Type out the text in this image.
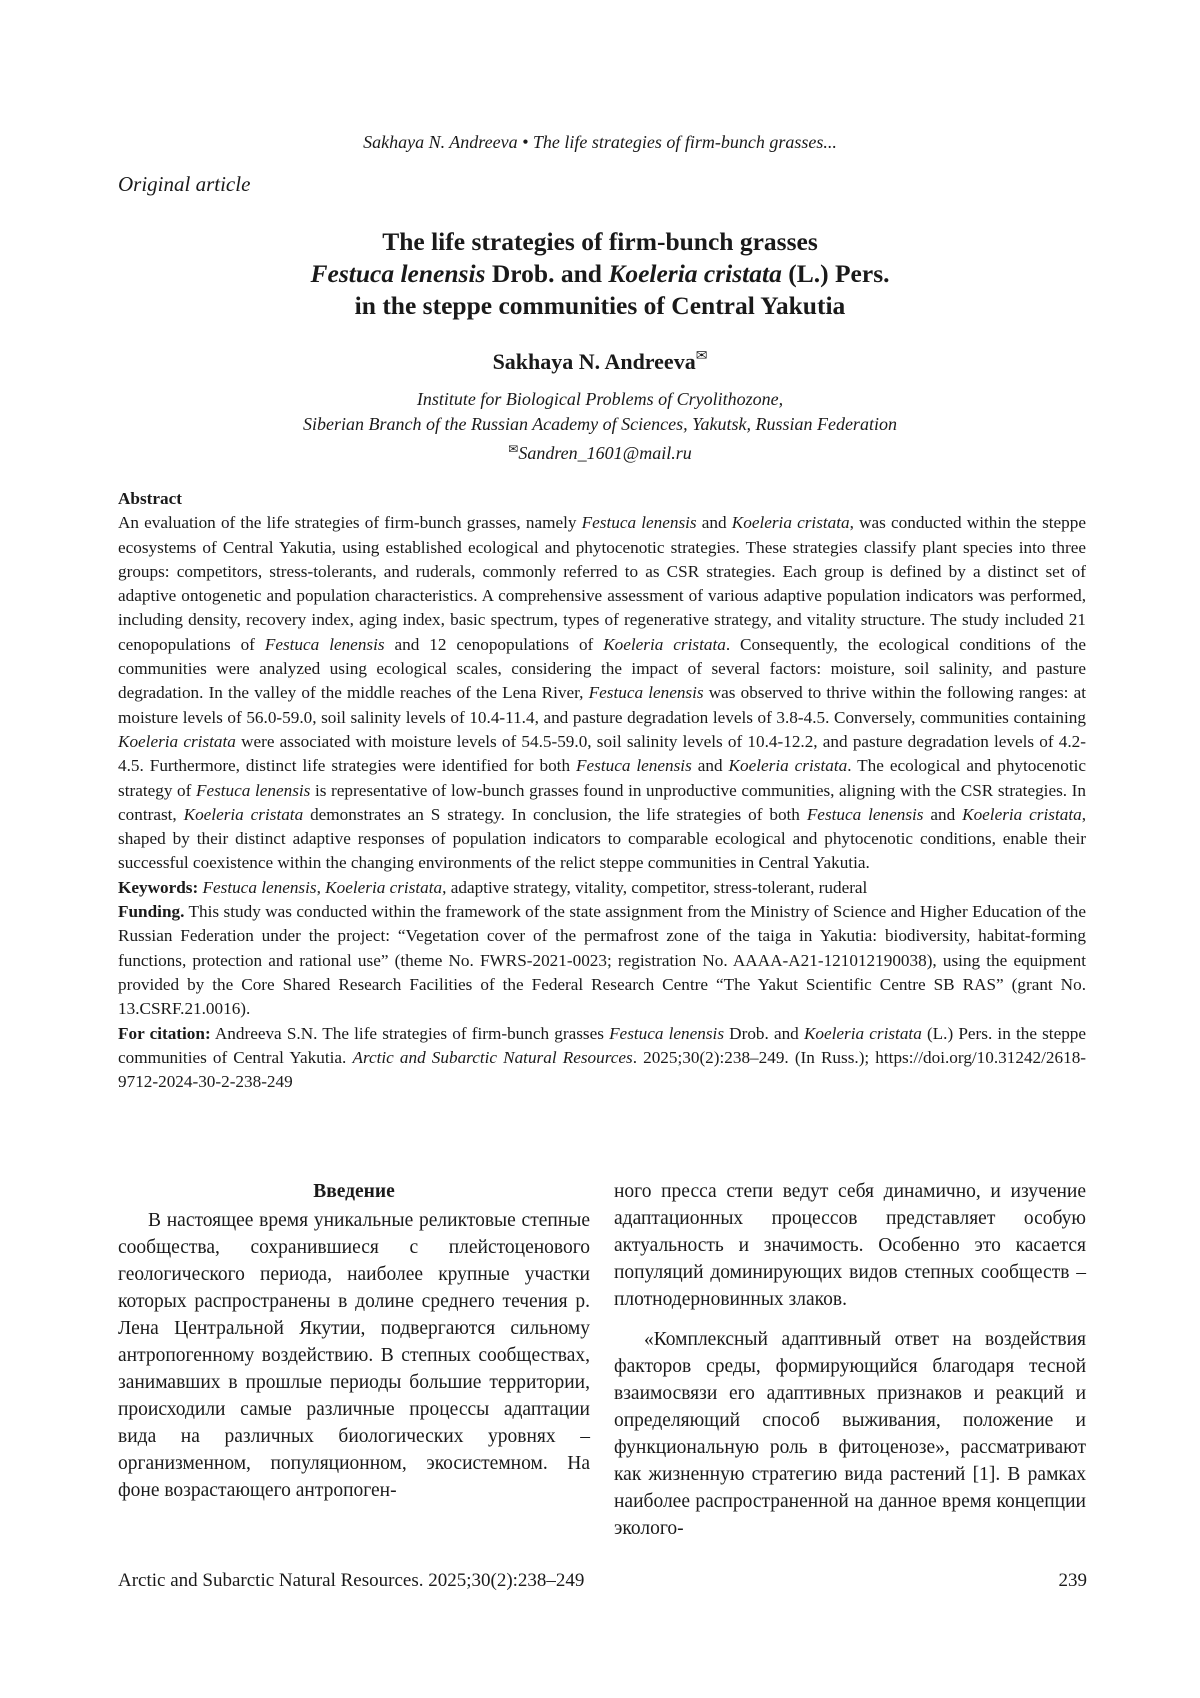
Sakhaya N. Andreeva • The life strategies of firm-bunch grasses...
Original article
The life strategies of firm-bunch grasses
Festuca lenensis Drob. and Koeleria cristata (L.) Pers.
in the steppe communities of Central Yakutia
Sakhaya N. Andreeva✉
Institute for Biological Problems of Cryolithozone,
Siberian Branch of the Russian Academy of Sciences, Yakutsk, Russian Federation
✉Sandren_1601@mail.ru

Abstract

An evaluation of the life strategies of firm-bunch grasses, namely Festuca lenensis and Koeleria cristata, was conducted within the steppe ecosystems of Central Yakutia, using established ecological and phytocenotic strategies. These strategies classify plant species into three groups: competitors, stress-tolerants, and ruderals, commonly referred to as CSR strategies. Each group is defined by a distinct set of adaptive ontogenetic and population characteristics. A comprehensive assessment of various adaptive population indicators was performed, including density, recovery index, aging index, basic spectrum, types of regenerative strategy, and vitality structure. The study included 21 cenopopulations of Festuca lenensis and 12 cenopopulations of Koeleria cristata. Consequently, the ecological conditions of the communities were analyzed using ecological scales, considering the impact of several factors: moisture, soil salinity, and pasture degradation. In the valley of the middle reaches of the Lena River, Festuca lenensis was observed to thrive within the following ranges: at moisture levels of 56.0-59.0, soil salinity levels of 10.4-11.4, and pasture degradation levels of 3.8-4.5. Conversely, communities containing Koeleria cristata were associated with moisture levels of 54.5-59.0, soil salinity levels of 10.4-12.2, and pasture degradation levels of 4.2-4.5. Furthermore, distinct life strategies were identified for both Festuca lenensis and Koeleria cristata. The ecological and phytocenotic strategy of Festuca lenensis is representative of low-bunch grasses found in unproductive communities, aligning with the CSR strategies. In contrast, Koeleria cristata demonstrates an S strategy. In conclusion, the life strategies of both Festuca lenensis and Koeleria cristata, shaped by their distinct adaptive responses of population indicators to comparable ecological and phytocenotic conditions, enable their successful coexistence within the changing environments of the relict steppe communities in Central Yakutia.

Keywords: Festuca lenensis, Koeleria cristata, adaptive strategy, vitality, competitor, stress-tolerant, ruderal

Funding. This study was conducted within the framework of the state assignment from the Ministry of Science and Higher Education of the Russian Federation under the project: “Vegetation cover of the permafrost zone of the taiga in Yakutia: biodiversity, habitat-forming functions, protection and rational use” (theme No. FWRS-2021-0023; registration No. AAAA-A21-121012190038), using the equipment provided by the Core Shared Research Facilities of the Federal Research Centre “The Yakut Scientific Centre SB RAS” (grant No. 13.CSRF.21.0016).

For citation: Andreeva S.N. The life strategies of firm-bunch grasses Festuca lenensis Drob. and Koeleria cristata (L.) Pers. in the steppe communities of Central Yakutia. Arctic and Subarctic Natural Resources. 2025;30(2):238–249. (In Russ.); https://doi.org/10.31242/2618-9712-2024-30-2-238-249

Введение

В настоящее время уникальные реликтовые степные сообщества, сохранившиеся с плейстоценового геологического периода, наиболее крупные участки которых распространены в долине среднего течения р. Лена Центральной Якутии, подвергаются сильному антропогенному воздействию. В степных сообществах, занимавших в прошлые периоды большие территории, происходили самые различные процессы адаптации вида на различных биологических уровнях – организменном, популяционном, экосистемном. На фоне возрастающего антропоген-

ного пресса степи ведут себя динамично, и изучение адаптационных процессов представляет особую актуальность и значимость. Особенно это касается популяций доминирующих видов степных сообществ – плотнодерновинных злаков.

«Комплексный адаптивный ответ на воздействия факторов среды, формирующийся благодаря тесной взаимосвязи его адаптивных признаков и реакций и определяющий способ выживания, положение и функциональную роль в фитоценозе», рассматривают как жизненную стратегию вида растений [1]. В рамках наиболее распространенной на данное время концепции эколого-

Arctic and Subarctic Natural Resources. 2025;30(2):238–249	239
